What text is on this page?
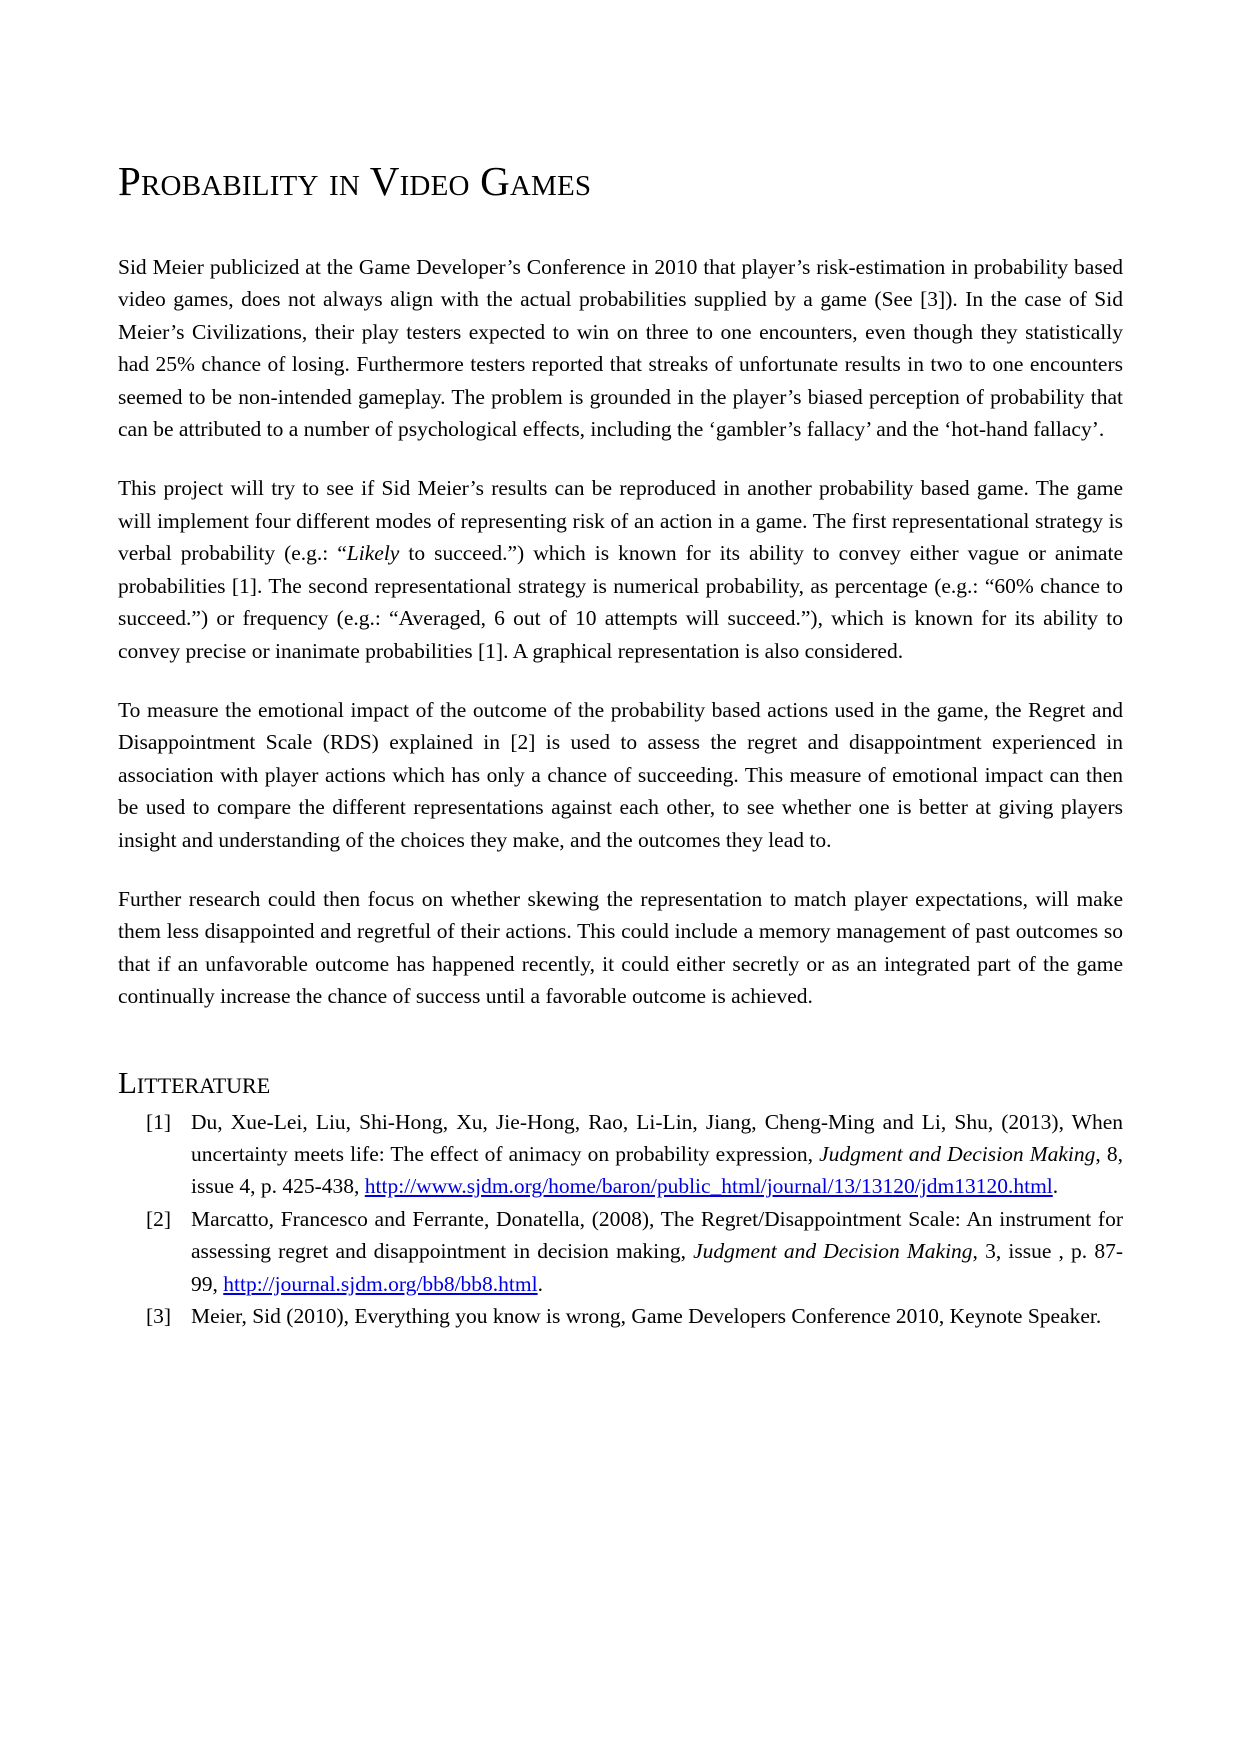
Probability in Video Games

Sid Meier publicized at the Game Developer’s Conference in 2010 that player’s risk-estimation in probability based video games, does not always align with the actual probabilities supplied by a game (See [3]). In the case of Sid Meier’s Civilizations, their play testers expected to win on three to one encounters, even though they statistically had 25% chance of losing. Furthermore testers reported that streaks of unfortunate results in two to one encounters seemed to be non-intended gameplay. The problem is grounded in the player’s biased perception of probability that can be attributed to a number of psychological effects, including the ‘gambler’s fallacy’ and the ‘hot-hand fallacy’.

This project will try to see if Sid Meier’s results can be reproduced in another probability based game. The game will implement four different modes of representing risk of an action in a game. The first representational strategy is verbal probability (e.g.: “Likely to succeed.”) which is known for its ability to convey either vague or animate probabilities [1]. The second representational strategy is numerical probability, as percentage (e.g.: “60% chance to succeed.”) or frequency (e.g.: “Averaged, 6 out of 10 attempts will succeed.”), which is known for its ability to convey precise or inanimate probabilities [1]. A graphical representation is also considered.

To measure the emotional impact of the outcome of the probability based actions used in the game, the Regret and Disappointment Scale (RDS) explained in [2] is used to assess the regret and disappointment experienced in association with player actions which has only a chance of succeeding. This measure of emotional impact can then be used to compare the different representations against each other, to see whether one is better at giving players insight and understanding of the choices they make, and the outcomes they lead to.

Further research could then focus on whether skewing the representation to match player expectations, will make them less disappointed and regretful of their actions. This could include a memory management of past outcomes so that if an unfavorable outcome has happened recently, it could either secretly or as an integrated part of the game continually increase the chance of success until a favorable outcome is achieved.

Litterature
[1] Du, Xue-Lei, Liu, Shi-Hong, Xu, Jie-Hong, Rao, Li-Lin, Jiang, Cheng-Ming and Li, Shu, (2013), When uncertainty meets life: The effect of animacy on probability expression, Judgment and Decision Making, 8, issue 4, p. 425-438, http://www.sjdm.org/home/baron/public_html/journal/13/13120/jdm13120.html.
[2] Marcatto, Francesco and Ferrante, Donatella, (2008), The Regret/Disappointment Scale: An instrument for assessing regret and disappointment in decision making, Judgment and Decision Making, 3, issue , p. 87-99, http://journal.sjdm.org/bb8/bb8.html.
[3] Meier, Sid (2010), Everything you know is wrong, Game Developers Conference 2010, Keynote Speaker.
